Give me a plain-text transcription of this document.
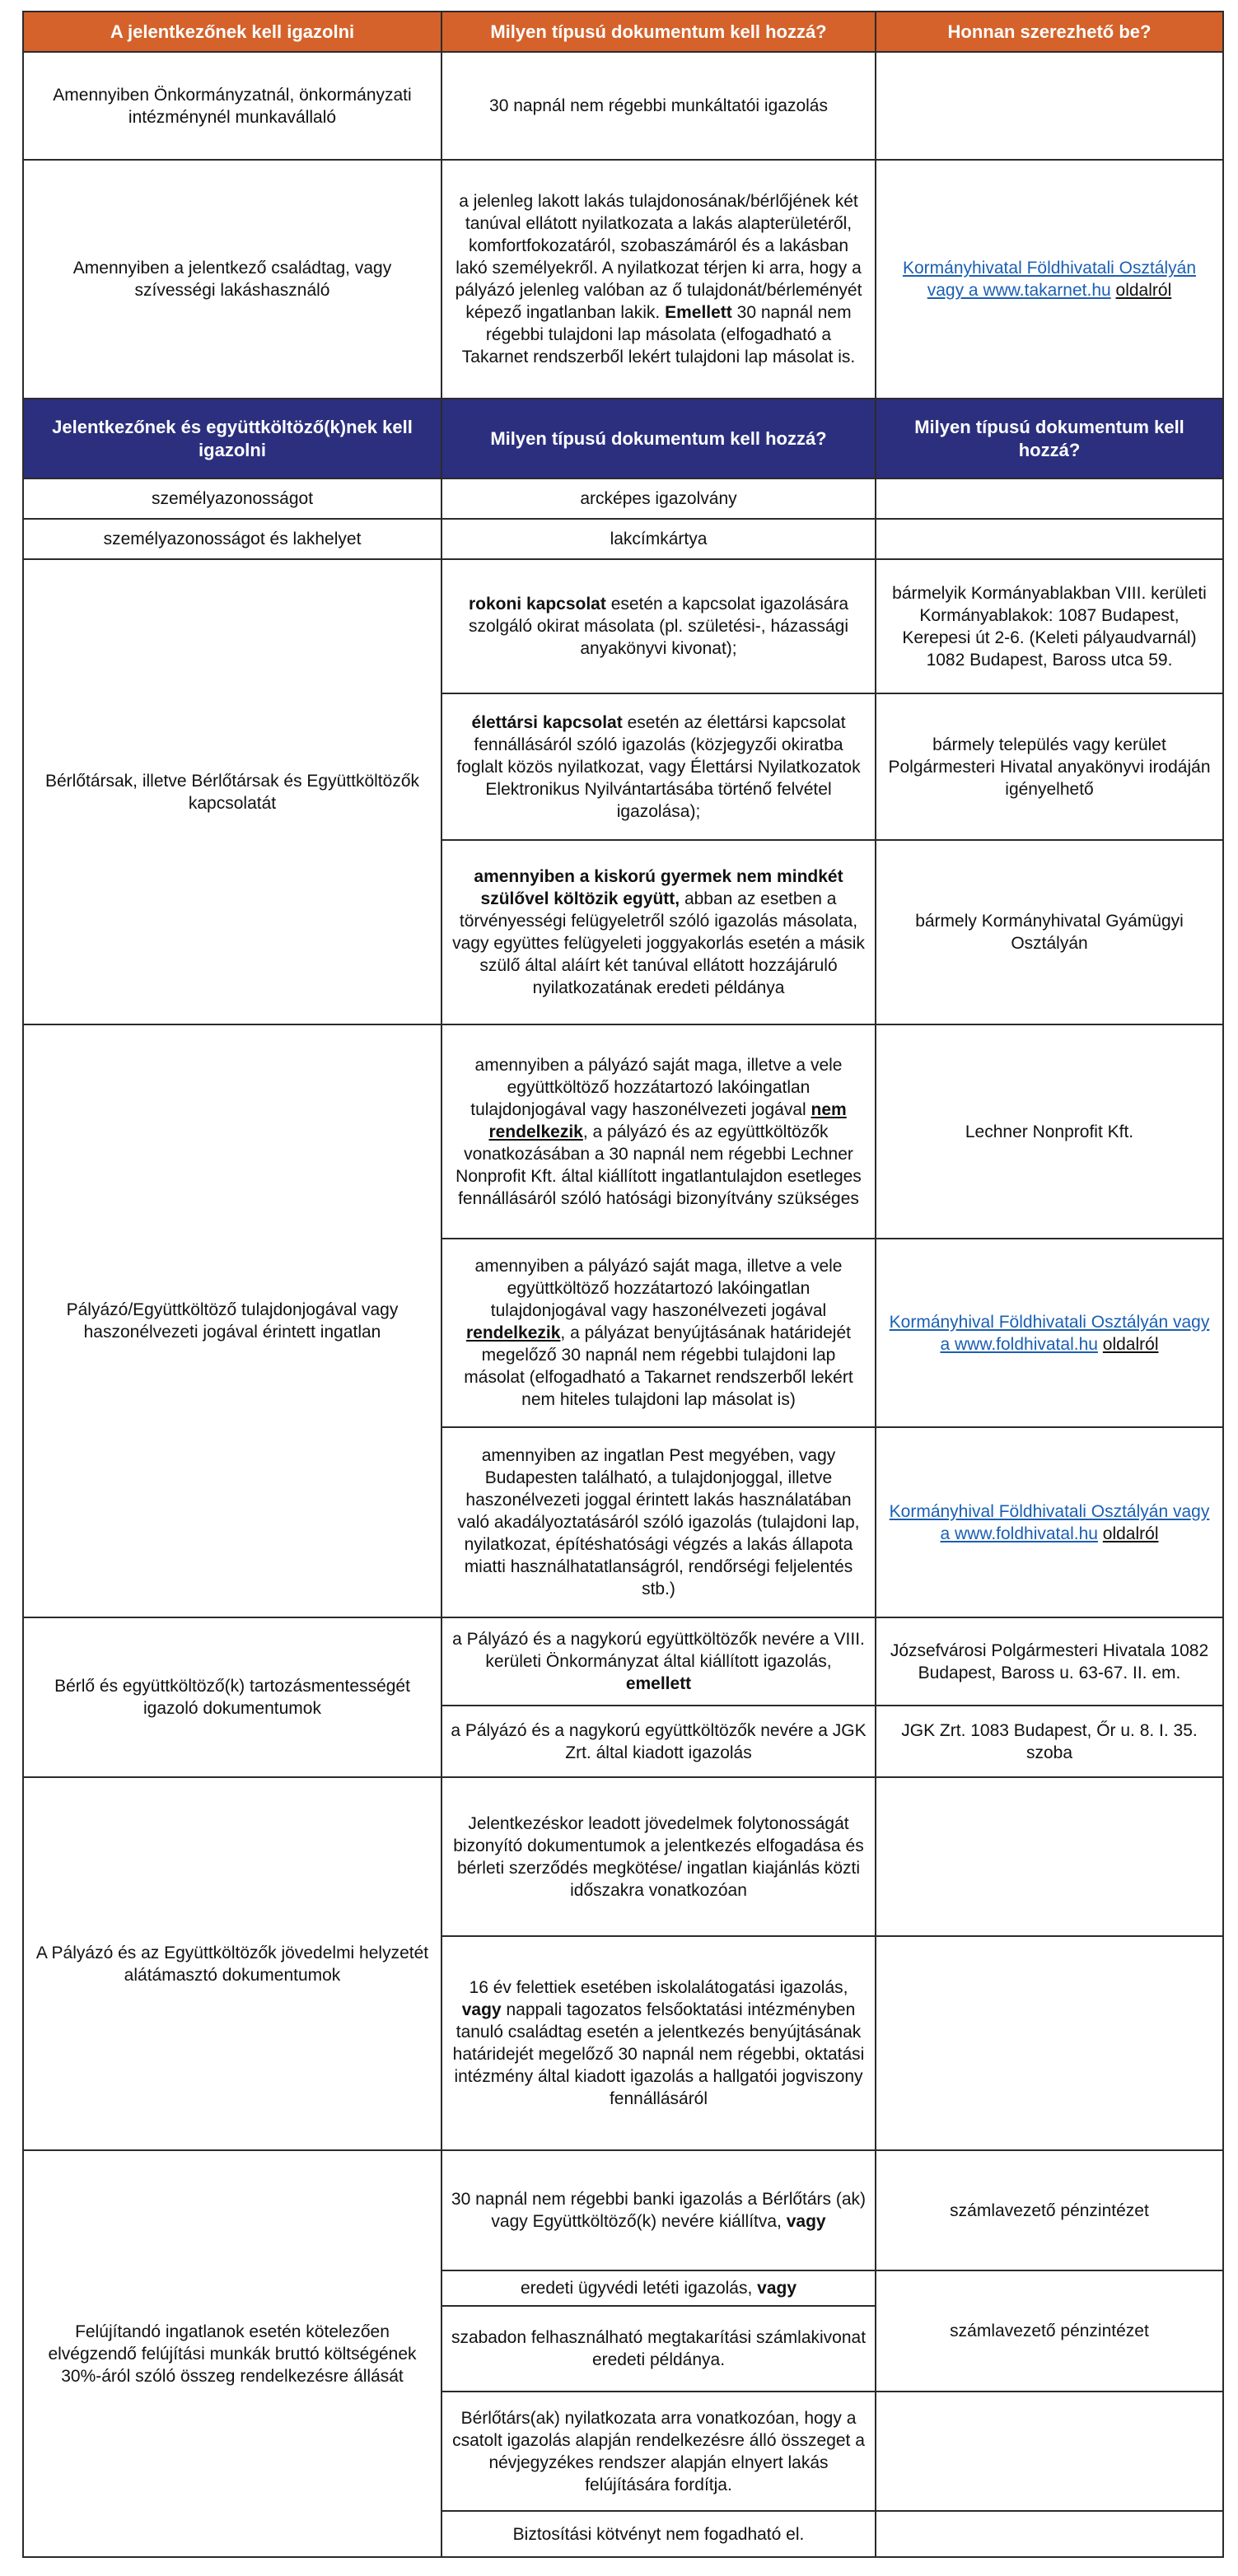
A jelentkezőnek kell igazolni	Milyen típusú dokumentum kell hozzá?	Honnan szerezhető be?
Amennyiben Önkormányzatnál, önkormányzati intézménynél munkavállaló	30 napnál nem régebbi munkáltatói igazolás	
Amennyiben a jelentkező családtag, vagy szívességi lakáshasználó	a jelenleg lakott lakás tulajdonosának/bérlőjének két tanúval ellátott nyilatkozata a lakás alapterületéről, komfortfokozatáról, szobaszámáról és a lakásban lakó személyekről. A nyilatkozat térjen ki arra, hogy a pályázó jelenleg valóban az ő tulajdonát/bérleményét képező ingatlanban lakik. Emellett 30 napnál nem régebbi tulajdoni lap másolata (elfogadható a Takarnet rendszerből lekért tulajdoni lap másolat is.	Kormányhivatal Földhivatali Osztályán vagy a www.takarnet.hu oldalról
Jelentkezőnek és együttköltöző(k)nek kell igazolni	Milyen típusú dokumentum kell hozzá?	Milyen típusú dokumentum kell hozzá?
személyazonosságot	arcképes igazolvány	
személyazonosságot és lakhelyet	lakcímkártya	
Bérlőtársak, illetve Bérlőtársak és Együttköltözők kapcsolatát	rokoni kapcsolat esetén a kapcsolat igazolására szolgáló okirat másolata (pl. születési-, házassági anyakönyvi kivonat);	bármelyik Kormányablakban VIII. kerületi Kormányablakok: 1087 Budapest, Kerepesi út 2-6. (Keleti pályaudvarnál) 1082 Budapest, Baross utca 59.
	élettársi kapcsolat esetén az élettársi kapcsolat fennállásáról szóló igazolás (közjegyzői okiratba foglalt közös nyilatkozat, vagy Élettársi Nyilatkozatok Elektronikus Nyilvántartásába történő felvétel igazolása);	bármely település vagy kerület Polgármesteri Hivatal anyakönyvi irodáján igényelhető
	amennyiben a kiskorú gyermek nem mindkét szülővel költözik együtt, abban az esetben a törvényességi felügyeletről szóló igazolás másolata, vagy együttes felügyeleti joggyakorlás esetén a másik szülő által aláírt két tanúval ellátott hozzájáruló nyilatkozatának eredeti példánya	bármely Kormányhivatal Gyámügyi Osztályán
Pályázó/Együttköltöző tulajdonjogával vagy haszonélvezeti jogával érintett ingatlan	amennyiben a pályázó saját maga, illetve a vele együttköltöző hozzátartozó lakóingatlan tulajdonjogával vagy haszonélvezeti jogával nem rendelkezik, a pályázó és az együttköltözők vonatkozásában a 30 napnál nem régebbi Lechner Nonprofit Kft. által kiállított ingatlantulajdon esetleges fennállásáról szóló hatósági bizonyítvány szükséges	Lechner Nonprofit Kft.
	amennyiben a pályázó saját maga, illetve a vele együttköltöző hozzátartozó lakóingatlan tulajdonjogával vagy haszonélvezeti jogával rendelkezik, a pályázat benyújtásának határidejét megelőző 30 napnál nem régebbi tulajdoni lap másolat (elfogadható a Takarnet rendszerből lekért nem hiteles tulajdoni lap másolat is)	Kormányhival Földhivatali Osztályán vagy a www.foldhivatal.hu oldalról
	amennyiben az ingatlan Pest megyében, vagy Budapesten található, a tulajdonjoggal, illetve haszonélvezeti joggal érintett lakás használatában való akadályoztatásáról szóló igazolás (tulajdoni lap, nyilatkozat, építéshatósági végzés a lakás állapota miatti használhatatlanságról, rendőrségi feljelentés stb.)	Kormányhival Földhivatali Osztályán vagy a www.foldhivatal.hu oldalról
Bérlő és együttköltöző(k) tartozásmentességét igazoló dokumentumok	a Pályázó és a nagykorú együttköltözők nevére a VIII. kerületi Önkormányzat által kiállított igazolás, emellett	Józsefvárosi Polgármesteri Hivatala 1082 Budapest, Baross u. 63-67. II. em.
	a Pályázó és a nagykorú együttköltözők nevére a JGK Zrt. által kiadott igazolás	JGK Zrt. 1083 Budapest, Őr u. 8. I. 35. szoba
A Pályázó és az Együttköltözők jövedelmi helyzetét alátámasztó dokumentumok	Jelentkezéskor leadott jövedelmek folytonosságát bizonyító dokumentumok a jelentkezés elfogadása és bérleti szerződés megkötése/ ingatlan kiajánlás közti időszakra vonatkozóan	
	16 év felettiek esetében iskolalátogatási igazolás, vagy nappali tagozatos felsőoktatási intézményben tanuló családtag esetén a jelentkezés benyújtásának határidejét megelőző 30 napnál nem régebbi, oktatási intézmény által kiadott igazolás a hallgatói jogviszony fennállásáról	
Felújítandó ingatlanok esetén kötelezően elvégzendő felújítási munkák bruttó költségének 30%-áról szóló összeg rendelkezésre állását	30 napnál nem régebbi banki igazolás a Bérlőtárs (ak) vagy Együttköltöző(k) nevére kiállítva, vagy	számlavezető pénzintézet
	eredeti ügyvédi letéti igazolás, vagy	számlavezető pénzintézet
	szabadon felhasználható megtakarítási számlakivonat eredeti példánya.	
	Bérlőtárs(ak) nyilatkozata arra vonatkozóan, hogy a csatolt igazolás alapján rendelkezésre álló összeget a névjegyzékes rendszer alapján elnyert lakás felújítására fordítja.	
	Biztosítási kötvényt nem fogadható el.	
